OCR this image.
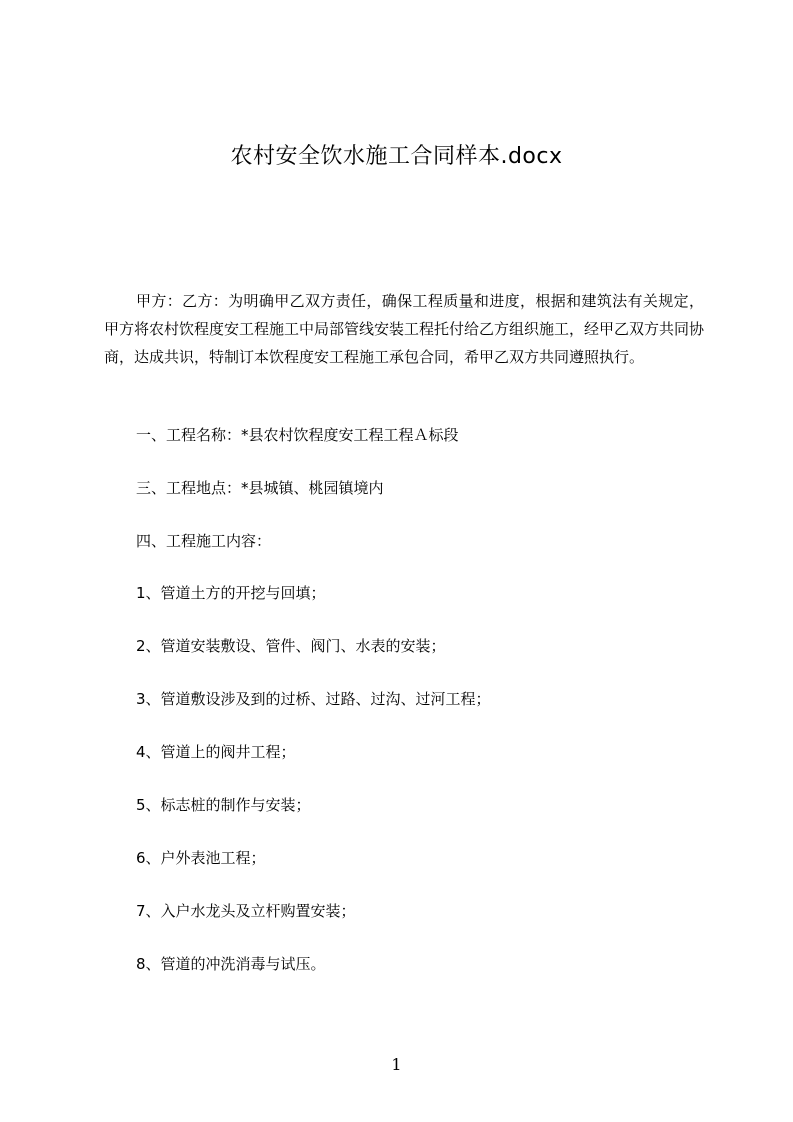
农村安全饮水施工合同样本.docx

甲方：乙方：为明确甲乙双方责任，确保工程质量和进度，根据和建筑法有关规定，甲方将农村饮程度安工程施工中局部管线安装工程托付给乙方组织施工，经甲乙双方共同协商，达成共识，特制订本饮程度安工程施工承包合同，希甲乙双方共同遵照执行。

一、工程名称：*县农村饮程度安工程工程Ａ标段

三、工程地点：*县城镇、桃园镇境内

四、工程施工内容：

1、管道土方的开挖与回填；

2、管道安装敷设、管件、阀门、水表的安装；

3、管道敷设涉及到的过桥、过路、过沟、过河工程；

4、管道上的阀井工程；

5、标志桩的制作与安装；

6、户外表池工程；

7、入户水龙头及立杆购置安装；

8、管道的冲洗消毒与试压。

1
